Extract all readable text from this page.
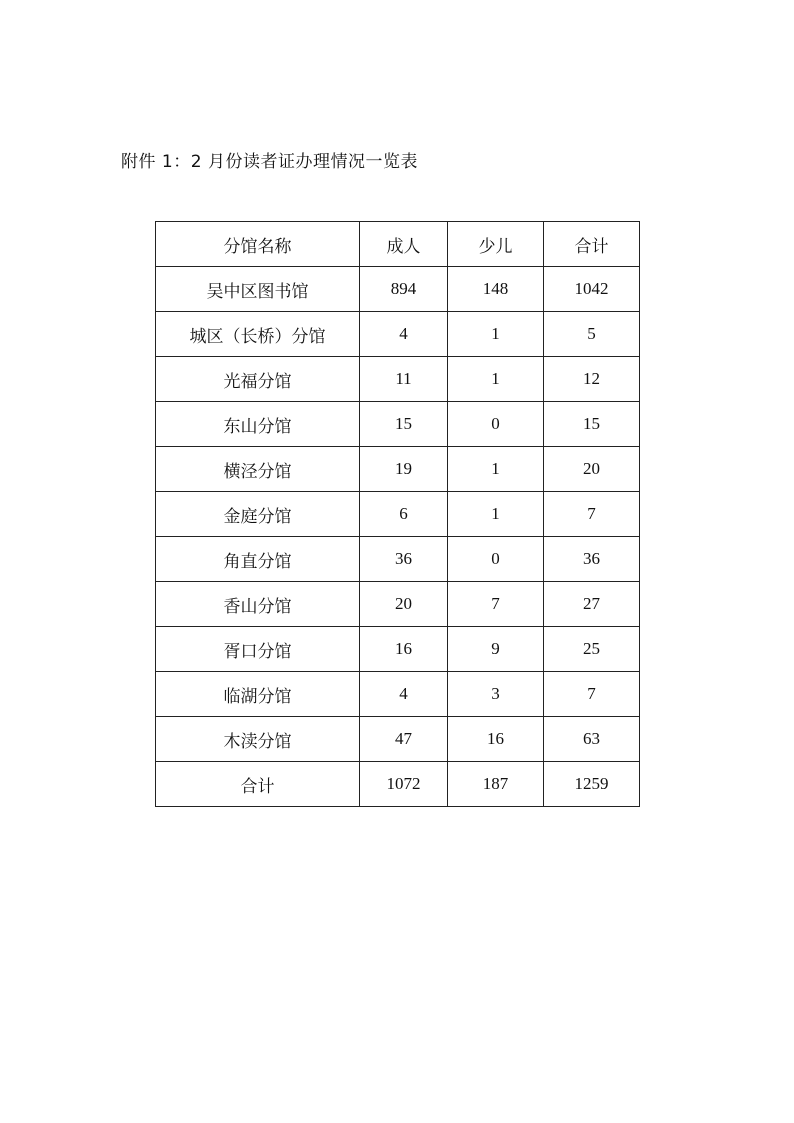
附件 1：2 月份读者证办理情况一览表
分馆名称	成人	少儿	合计
吴中区图书馆	894	148	1042
城区（长桥）分馆	4	1	5
光福分馆	11	1	12
东山分馆	15	0	15
横泾分馆	19	1	20
金庭分馆	6	1	7
角直分馆	36	0	36
香山分馆	20	7	27
胥口分馆	16	9	25
临湖分馆	4	3	7
木渎分馆	47	16	63
合计	1072	187	1259
